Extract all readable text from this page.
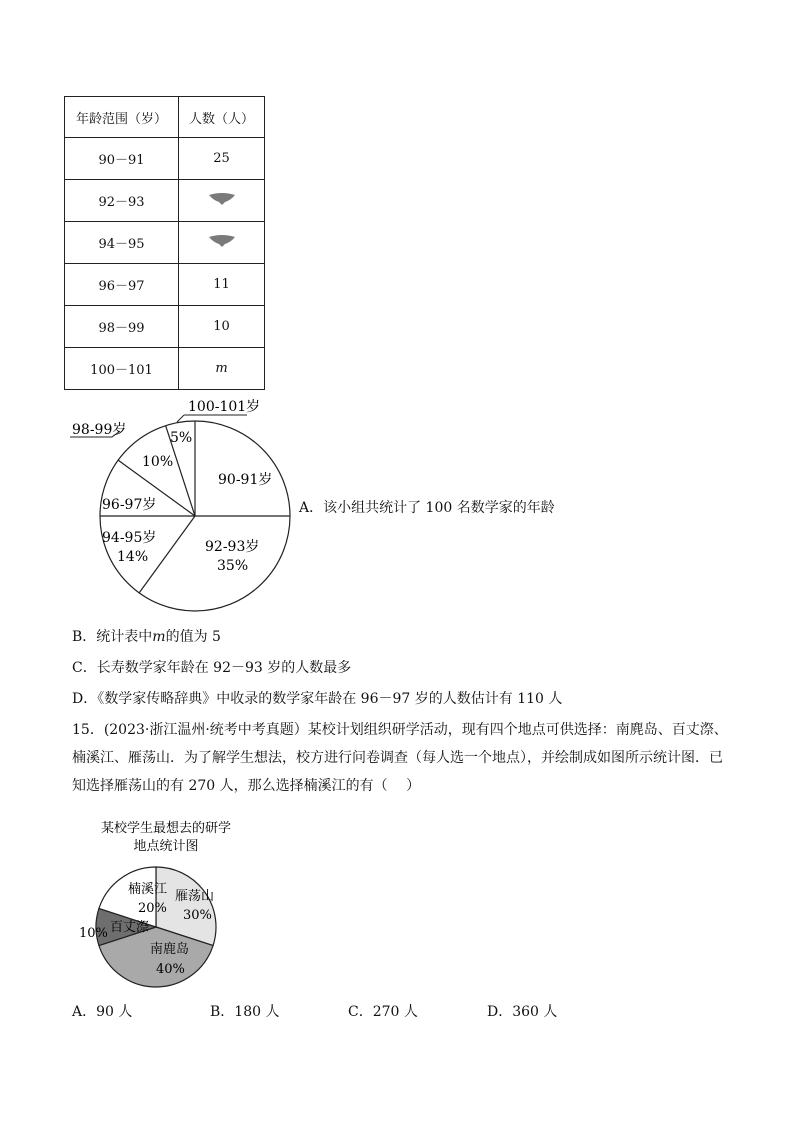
年龄范围（岁）	人数（人）
90－91	25
92－93	
94－95	
96－97	11
98－99	10
100－101	m
98-99岁
100-101岁
5%
10%
90-91岁
96-97岁
94-95岁
14%
92-93岁
35%
A．该小组共统计了 100 名数学家的年龄
B．统计表中m的值为 5
C．长寿数学家年龄在 92－93 岁的人数最多
D．《数学家传略辞典》中收录的数学家年龄在 96－97 岁的人数估计有 110 人
15．(2023·浙江温州·统考中考真题）某校计划组织研学活动，现有四个地点可供选择：南麂岛、百丈漈、
楠溪江、雁荡山．为了解学生想法，校方进行问卷调查（每人选一个地点），并绘制成如图所示统计图．已
知选择雁荡山的有 270 人，那么选择楠溪江的有（　 ）
某校学生最想去的研学
地点统计图
雁荡山
30%
楠溪江
20%
百丈漈
10%
南鹿岛
40%
A．90 人	B．180 人	C．270 人	D．360 人
